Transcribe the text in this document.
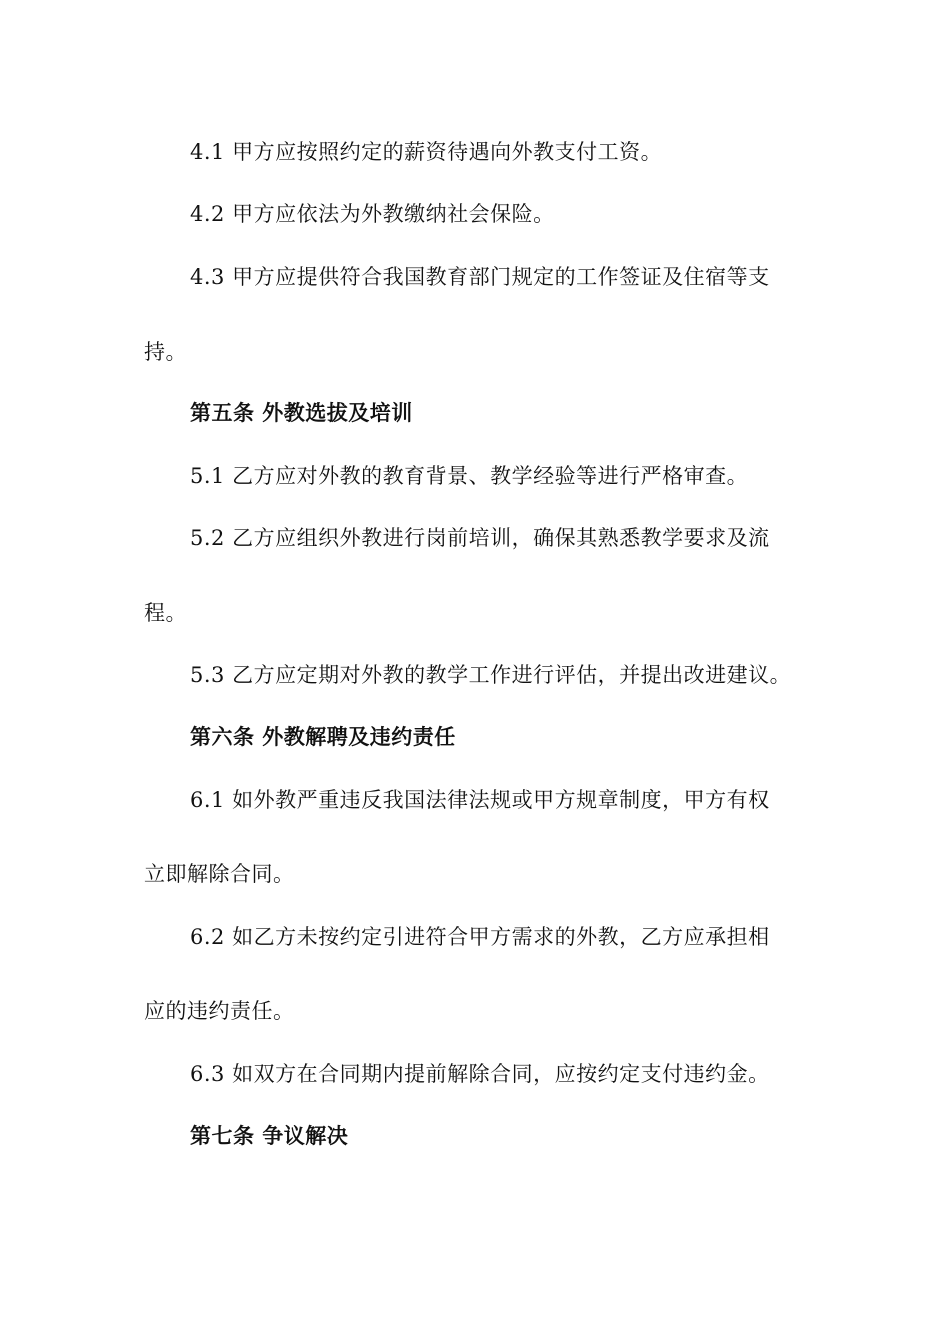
4.1 甲方应按照约定的薪资待遇向外教支付工资。
4.2 甲方应依法为外教缴纳社会保险。
4.3 甲方应提供符合我国教育部门规定的工作签证及住宿等支
持。
第五条 外教选拔及培训
5.1 乙方应对外教的教育背景、教学经验等进行严格审查。
5.2 乙方应组织外教进行岗前培训，确保其熟悉教学要求及流
程。
5.3 乙方应定期对外教的教学工作进行评估，并提出改进建议。
第六条 外教解聘及违约责任
6.1 如外教严重违反我国法律法规或甲方规章制度，甲方有权
立即解除合同。
6.2 如乙方未按约定引进符合甲方需求的外教，乙方应承担相
应的违约责任。
6.3 如双方在合同期内提前解除合同，应按约定支付违约金。
第七条 争议解决
